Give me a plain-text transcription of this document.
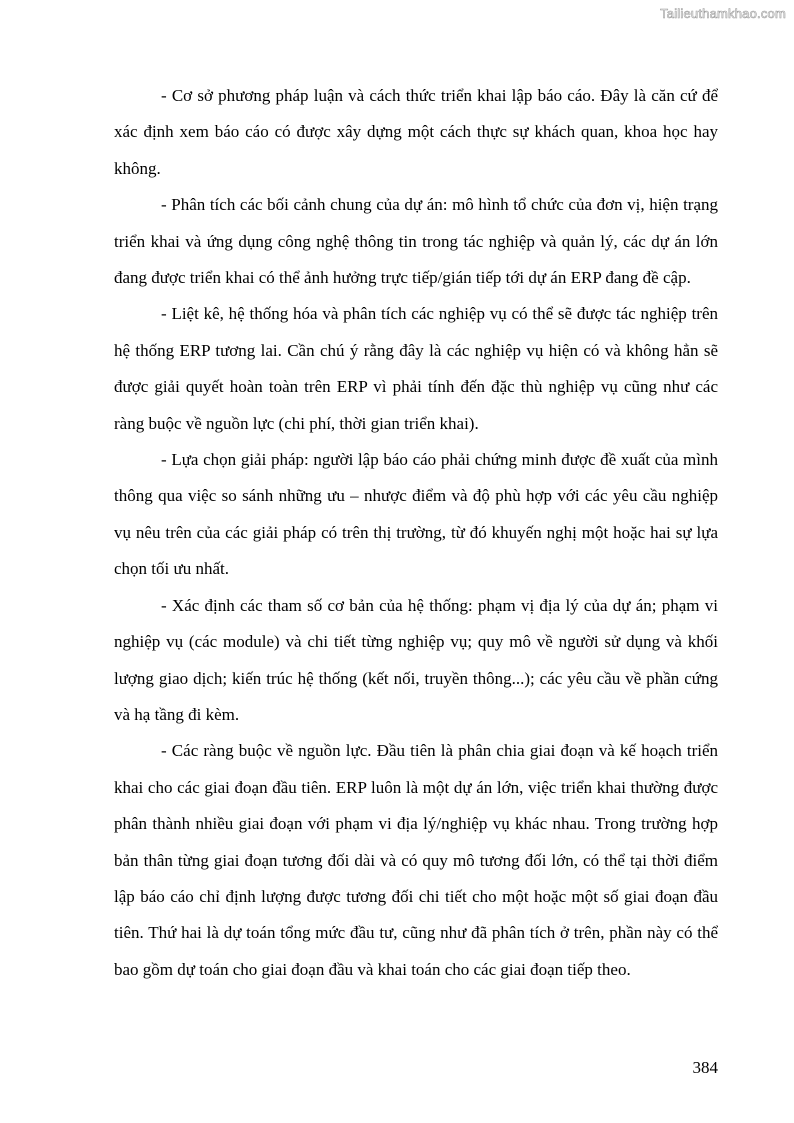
Tailieuthamkhao.com

- Cơ sở phương pháp luận và cách thức triển khai lập báo cáo. Đây là căn cứ để xác định xem báo cáo có được xây dựng một cách thực sự khách quan, khoa học hay không.

- Phân tích các bối cảnh chung của dự án: mô hình tổ chức của đơn vị, hiện trạng triển khai và ứng dụng công nghệ thông tin trong tác nghiệp và quản lý, các dự án lớn đang được triển khai có thể ảnh hưởng trực tiếp/gián tiếp tới dự án ERP đang đề cập.

- Liệt kê, hệ thống hóa và phân tích các nghiệp vụ có thể sẽ được tác nghiệp trên hệ thống ERP tương lai. Cần chú ý rằng đây là các nghiệp vụ hiện có và không hẳn sẽ được giải quyết hoàn toàn trên ERP vì phải tính đến đặc thù nghiệp vụ cũng như các ràng buộc về nguồn lực (chi phí, thời gian triển khai).

- Lựa chọn giải pháp: người lập báo cáo phải chứng minh được đề xuất của mình thông qua việc so sánh những ưu – nhược điểm và độ phù hợp với các yêu cầu nghiệp vụ nêu trên của các giải pháp có trên thị trường, từ đó khuyến nghị một hoặc hai sự lựa chọn tối ưu nhất.

- Xác định các tham số cơ bản của hệ thống: phạm vị địa lý của dự án; phạm vi nghiệp vụ (các module) và chi tiết từng nghiệp vụ; quy mô về người sử dụng và khối lượng giao dịch; kiến trúc hệ thống (kết nối, truyền thông...); các yêu cầu về phần cứng và hạ tầng đi kèm.

- Các ràng buộc về nguồn lực. Đầu tiên là phân chia giai đoạn và kế hoạch triển khai cho các giai đoạn đầu tiên. ERP luôn là một dự án lớn, việc triển khai thường được phân thành nhiều giai đoạn với phạm vi địa lý/nghiệp vụ khác nhau. Trong trường hợp bản thân từng giai đoạn tương đối dài và có quy mô tương đối lớn, có thể tại thời điểm lập báo cáo chỉ định lượng được tương đối chi tiết cho một hoặc một số giai đoạn đầu tiên. Thứ hai là dự toán tổng mức đầu tư, cũng như đã phân tích ở trên, phần này có thể bao gồm dự toán cho giai đoạn đầu và khai toán cho các giai đoạn tiếp theo.

384
